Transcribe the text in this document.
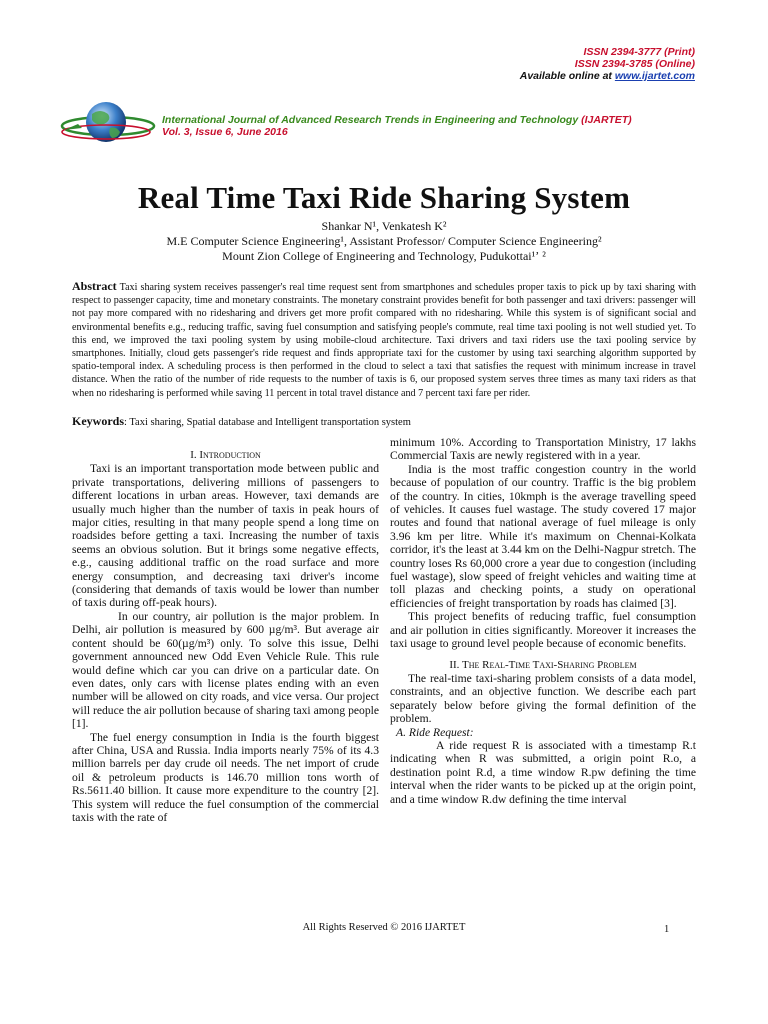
ISSN 2394-3777 (Print)
ISSN 2394-3785 (Online)
Available online at www.ijartet.com
International Journal of Advanced Research Trends in Engineering and Technology (IJARTET)
Vol. 3, Issue 6, June 2016
Real Time Taxi Ride Sharing System
Shankar N¹, Venkatesh K²
M.E Computer Science Engineering¹, Assistant Professor/ Computer Science Engineering²
Mount Zion College of Engineering and Technology, Pudukottai¹ʼ ²
Abstract Taxi sharing system receives passenger's real time request sent from smartphones and schedules proper taxis to pick up by taxi sharing with respect to passenger capacity, time and monetary constraints. The monetary constraint provides benefit for both passenger and taxi drivers: passenger will not pay more compared with no ridesharing and drivers get more profit compared with no ridesharing. While this system is of significant social and environmental benefits e.g., reducing traffic, saving fuel consumption and satisfying people's commute, real time taxi pooling is not well studied yet. To this end, we improved the taxi pooling system by using mobile-cloud architecture. Taxi drivers and taxi riders use the taxi pooling service by smartphones. Initially, cloud gets passenger's ride request and finds appropriate taxi for the customer by using taxi searching algorithm supported by spatio-temporal index. A scheduling process is then performed in the cloud to select a taxi that satisfies the request with minimum increase in travel distance. When the ratio of the number of ride requests to the number of taxis is 6, our proposed system serves three times as many taxi riders as that when no ridesharing is performed while saving 11 percent in total travel distance and 7 percent taxi fare per rider.
Keywords: Taxi sharing, Spatial database and Intelligent transportation system

I. Introduction

Taxi is an important transportation mode between public and private transportations, delivering millions of passengers to different locations in urban areas. However, taxi demands are usually much higher than the number of taxis in peak hours of major cities, resulting in that many people spend a long time on roadsides before getting a taxi. Increasing the number of taxis seems an obvious solution. But it brings some negative effects, e.g., causing additional traffic on the road surface and more energy consumption, and decreasing taxi driver's income (considering that demands of taxis would be lower than number of taxis during off-peak hours).

In our country, air pollution is the major problem. In Delhi, air pollution is measured by 600 µg/m³. But average air content should be 60(µg/m³) only. To solve this issue, Delhi government announced new Odd Even Vehicle Rule. This rule would define which car you can drive on a particular date. On even dates, only cars with license plates ending with an even number will be allowed on city roads, and vice versa. Our project will reduce the air pollution because of sharing taxi among people [1].

The fuel energy consumption in India is the fourth biggest after China, USA and Russia. India imports nearly 75% of its 4.3 million barrels per day crude oil needs. The net import of crude oil & petroleum products is 146.70 million tons worth of Rs.5611.40 billion. It cause more expenditure to the country [2]. This system will reduce the fuel consumption of the commercial taxis with the rate of

minimum 10%. According to Transportation Ministry, 17 lakhs Commercial Taxis are newly registered with in a year.

India is the most traffic congestion country in the world because of population of our country. Traffic is the big problem of the country. In cities, 10kmph is the average travelling speed of vehicles. It causes fuel wastage. The study covered 17 major routes and found that national average of fuel mileage is only 3.96 km per litre. While it's maximum on Chennai-Kolkata corridor, it's the least at 3.44 km on the Delhi-Nagpur stretch. The country loses Rs 60,000 crore a year due to congestion (including fuel wastage), slow speed of freight vehicles and waiting time at toll plazas and checking points, a study on operational efficiencies of freight transportation by roads has claimed [3].

This project benefits of reducing traffic, fuel consumption and air pollution in cities significantly. Moreover it increases the taxi usage to ground level people because of economic benefits.

II. The Real-Time Taxi-Sharing Problem

The real-time taxi-sharing problem consists of a data model, constraints, and an objective function. We describe each part separately below before giving the formal definition of the problem.

A. Ride Request:

A ride request R is associated with a timestamp R.t indicating when R was submitted, a origin point R.o, a destination point R.d, a time window R.pw defining the time interval when the rider wants to be picked up at the origin point, and a time window R.dw defining the time interval

All Rights Reserved © 2016 IJARTET	1
